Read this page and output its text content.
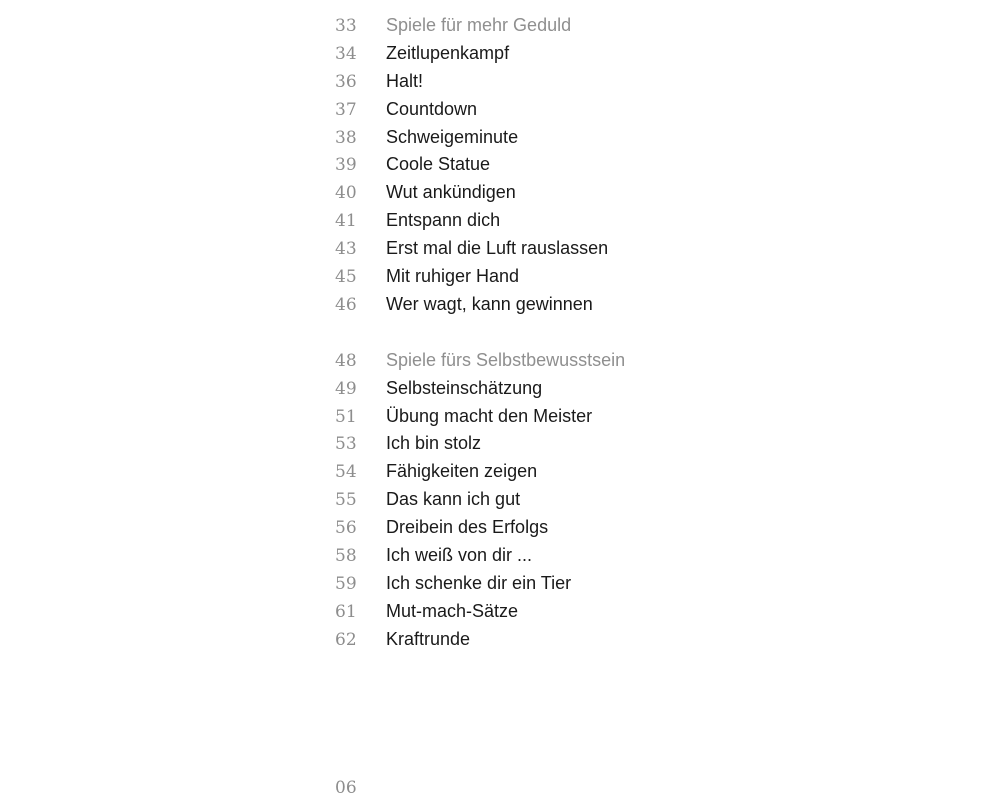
33	Spiele für mehr Geduld
34	Zeitlupenkampf
36	Halt!
37	Countdown
38	Schweigeminute
39	Coole Statue
40	Wut ankündigen
41	Entspann dich
43	Erst mal die Luft rauslassen
45	Mit ruhiger Hand
46	Wer wagt, kann gewinnen
48	Spiele fürs Selbstbewusstsein
49	Selbsteinschätzung
51	Übung macht den Meister
53	Ich bin stolz
54	Fähigkeiten zeigen
55	Das kann ich gut
56	Dreibein des Erfolgs
58	Ich weiß von dir ...
59	Ich schenke dir ein Tier
61	Mut-mach-Sätze
62	Kraftrunde
06
